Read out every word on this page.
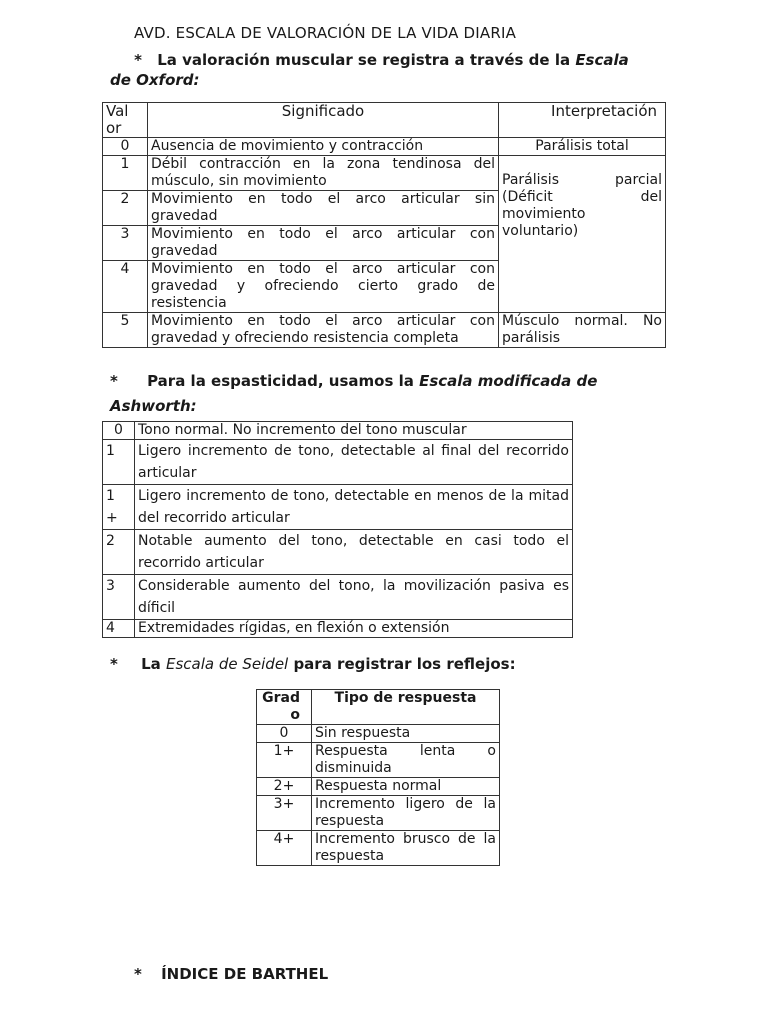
AVD. ESCALA DE VALORACIÓN DE LA VIDA DIARIA
* La valoración muscular se registra a través de la Escala
de Oxford:
Valor	Significado	Interpretación

0	Ausencia de movimiento y contracción	Parálisis total
1	Débil contracción en la zona tendinosa del músculo, sin movimiento	Parálisis parcial (Déficit del movimiento voluntario)
2	Movimiento en todo el arco articular sin gravedad	
3	Movimiento en todo el arco articular con gravedad	
4	Movimiento en todo el arco articular con gravedad y ofreciendo cierto grado de resistencia	
5	Movimiento en todo el arco articular con gravedad y ofreciendo resistencia completa	Músculo normal. No parálisis
* Para la espasticidad, usamos la Escala modificada de
Ashworth:
0	Tono normal. No incremento del tono muscular
1	Ligero incremento de tono, detectable al final del recorrido articular
1 +	Ligero incremento de tono, detectable en menos de la mitad del recorrido articular
2	Notable aumento del tono, detectable en casi todo el recorrido articular
3	Considerable aumento del tono, la movilización pasiva es díficil
4	Extremidades rígidas, en flexión o extensión
* La Escala de Seidel para registrar los reflejos:
Grado	Tipo de respuesta
0	Sin respuesta
1+	Respuesta lenta o disminuida
2+	Respuesta normal
3+	Incremento ligero de la respuesta
4+	Incremento brusco de la respuesta
* ÍNDICE DE BARTHEL
